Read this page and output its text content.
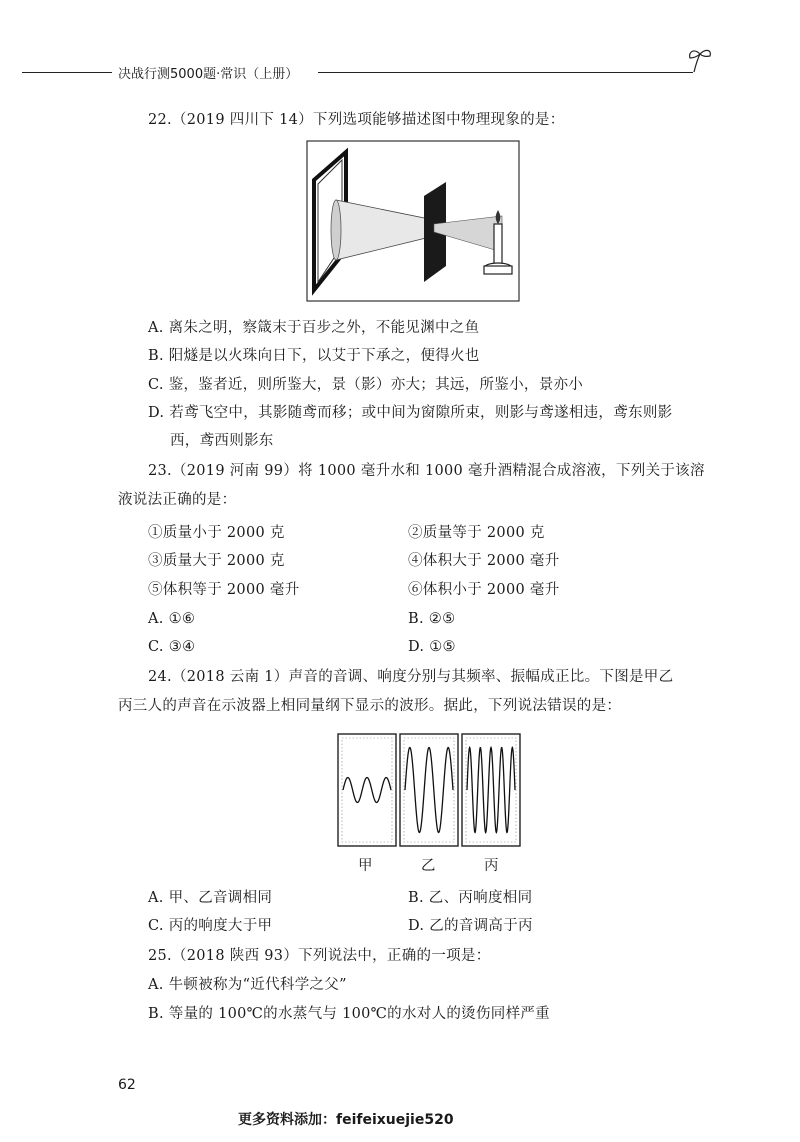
决战行测5000题·常识（上册）
22.（2019 四川下 14）下列选项能够描述图中物理现象的是：
A. 离朱之明，察箴末于百步之外，不能见渊中之鱼
B. 阳燧是以火珠向日下，以艾于下承之，便得火也
C. 鉴，鉴者近，则所鉴大，景（影）亦大；其远，所鉴小，景亦小
D. 若鸢飞空中，其影随鸢而移；或中间为窗隙所束，则影与鸢遂相违，鸢东则影
西，鸢西则影东
23.（2019 河南 99）将 1000 毫升水和 1000 毫升酒精混合成溶液，下列关于该溶
液说法正确的是：
①质量小于 2000 克	②质量等于 2000 克
③质量大于 2000 克	④体积大于 2000 毫升
⑤体积等于 2000 毫升	⑥体积小于 2000 毫升
A. ①⑥	B. ②⑤
C. ③④	D. ①⑤
24.（2018 云南 1）声音的音调、响度分别与其频率、振幅成正比。下图是甲乙
丙三人的声音在示波器上相同量纲下显示的波形。据此，下列说法错误的是：
甲	乙	丙
A. 甲、乙音调相同	B. 乙、丙响度相同
C. 丙的响度大于甲	D. 乙的音调高于丙
25.（2018 陕西 93）下列说法中，正确的一项是：
A. 牛顿被称为“近代科学之父”
B. 等量的 100℃的水蒸气与 100℃的水对人的烫伤同样严重
62
更多资料添加：feifeixuejie520
